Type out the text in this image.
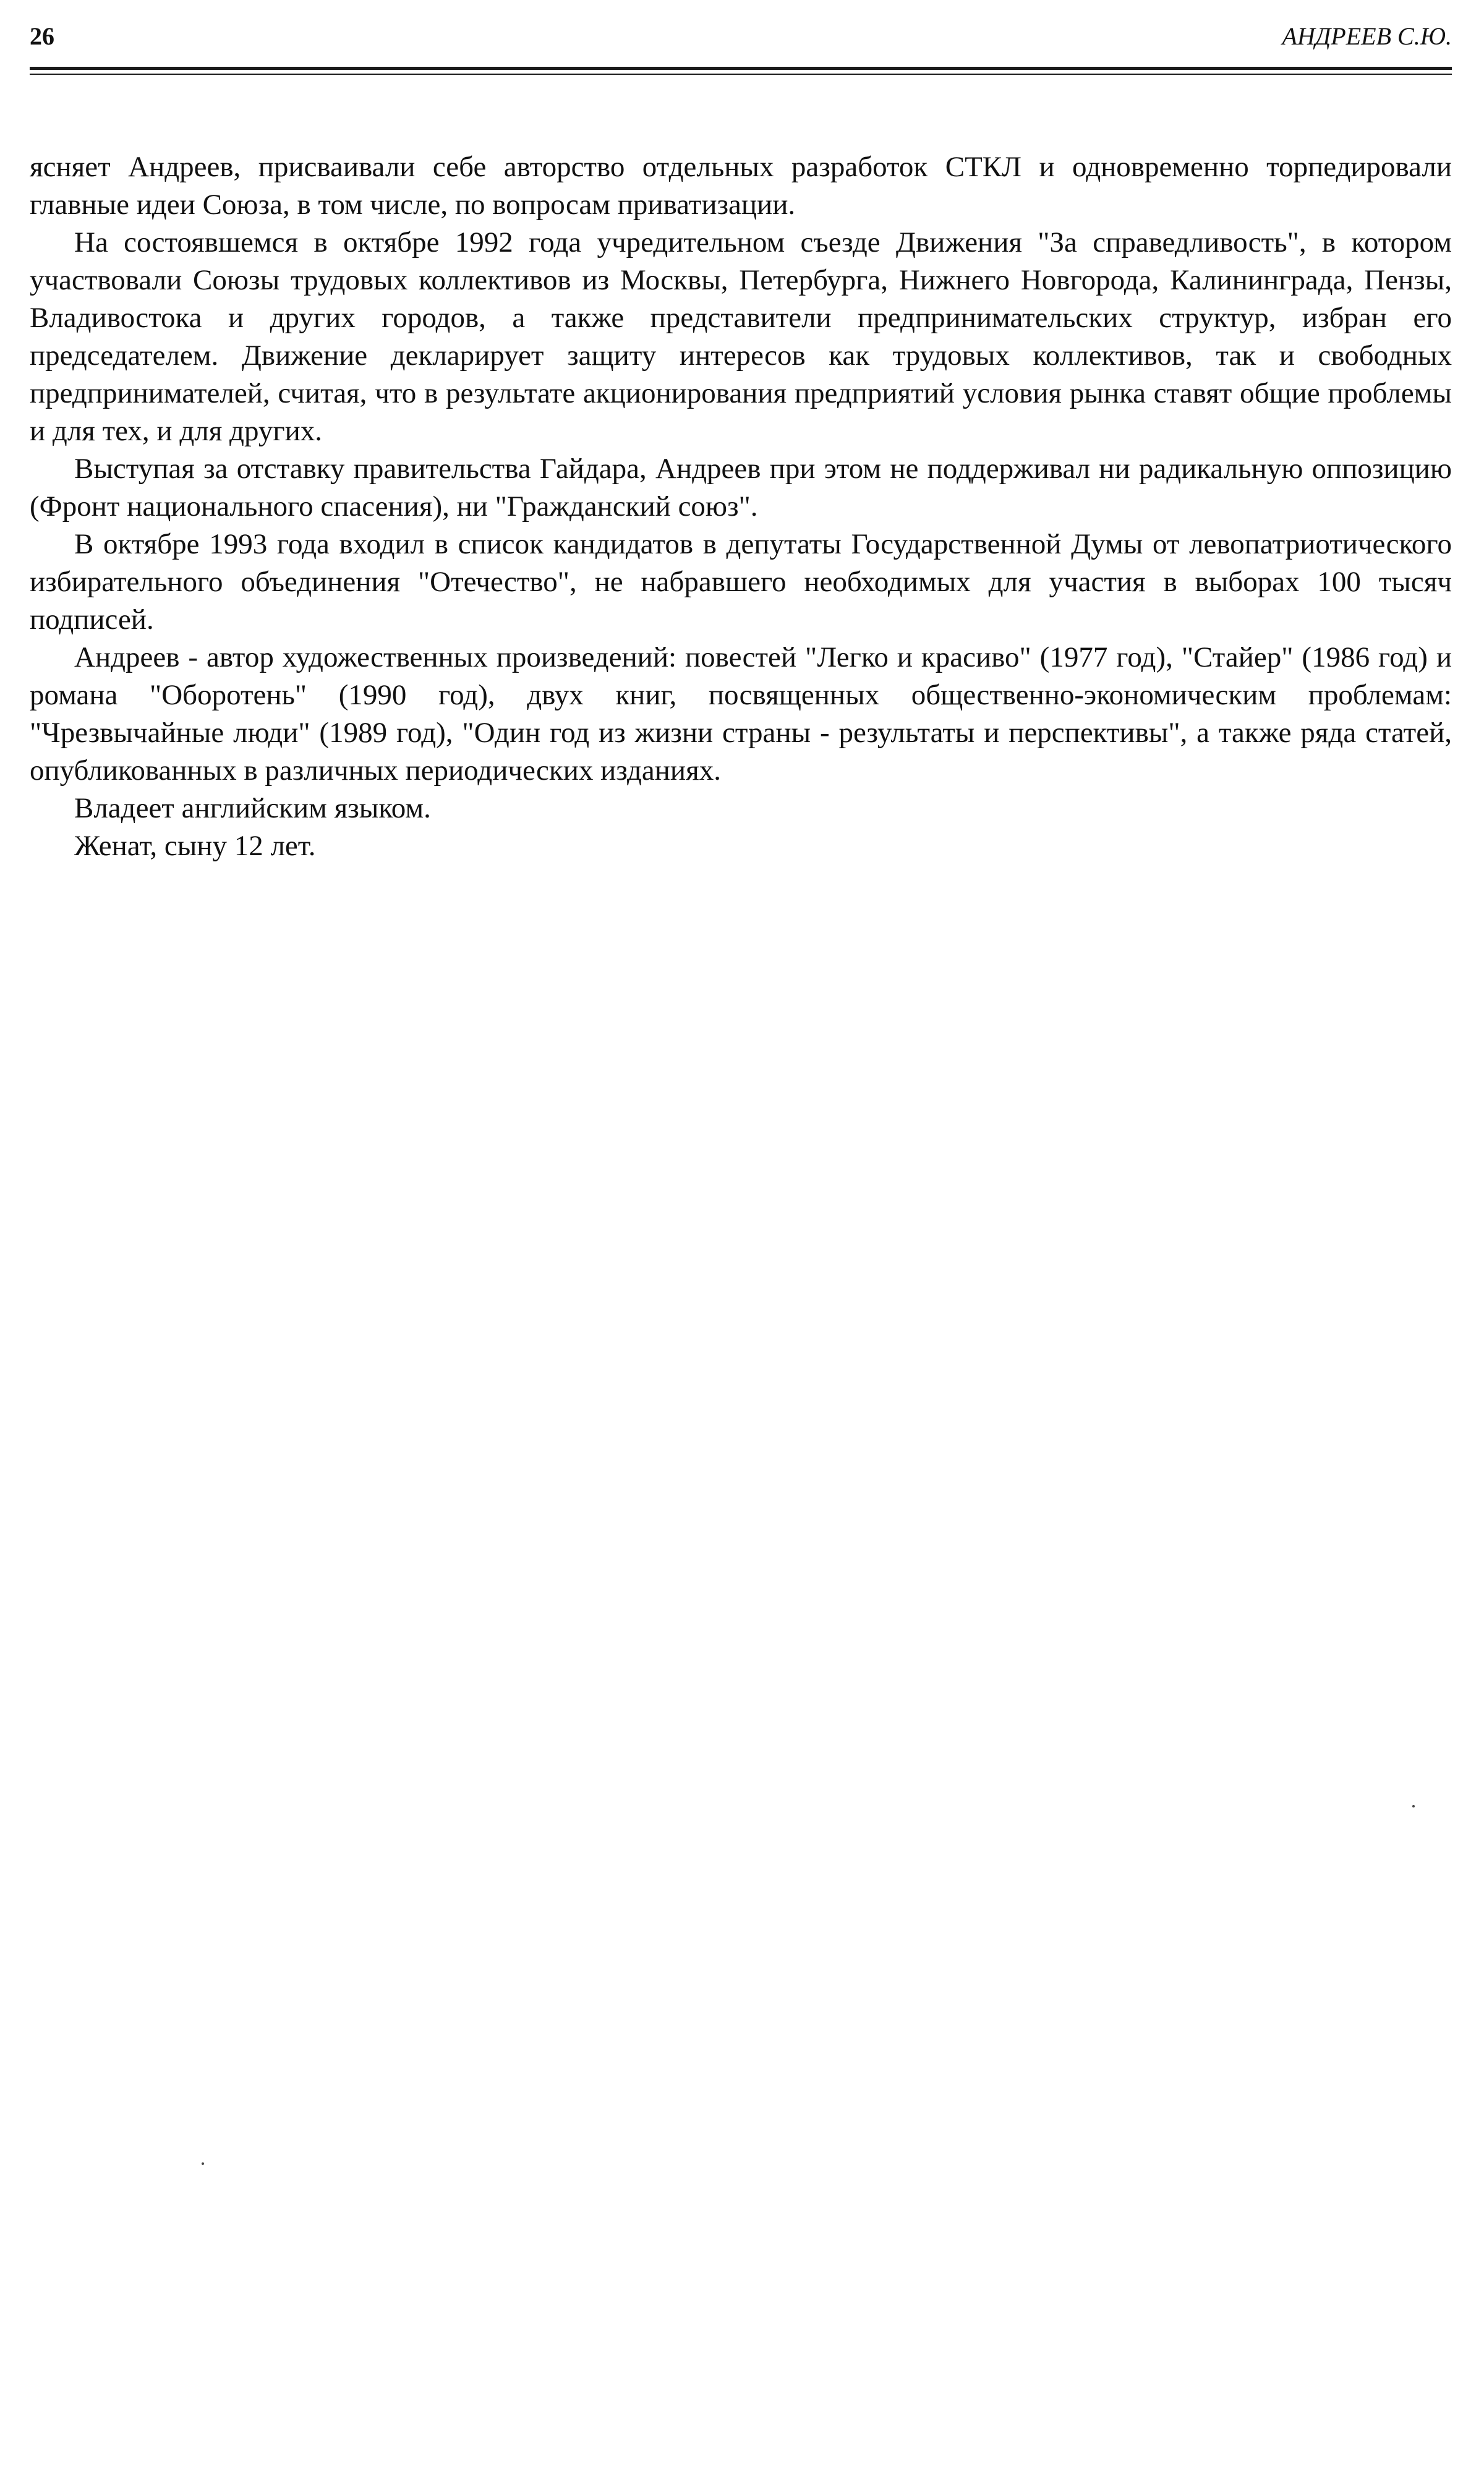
26	АНДРЕЕВ С.Ю.

ясняет Андреев, присваивали себе авторство отдельных разработок СТКЛ и одновременно торпедировали главные идеи Союза, в том числе, по вопросам приватизации.

На состоявшемся в октябре 1992 года учредительном съезде Движения "За справедливость", в котором участвовали Союзы трудовых коллективов из Москвы, Петербурга, Нижнего Новгорода, Калининграда, Пензы, Владивостока и других городов, а также представители предпринимательских структур, избран его председателем. Движение декларирует защиту интересов как трудовых коллективов, так и свободных предпринимателей, считая, что в результате акционирования предприятий условия рынка ставят общие проблемы и для тех, и для других.

Выступая за отставку правительства Гайдара, Андреев при этом не поддерживал ни радикальную оппозицию (Фронт национального спасения), ни "Гражданский союз".

В октябре 1993 года входил в список кандидатов в депутаты Государственной Думы от левопатриотического избирательного объединения "Отечество", не набравшего необходимых для участия в выборах 100 тысяч подписей.

Андреев - автор художественных произведений: повестей "Легко и красиво" (1977 год), "Стайер" (1986 год) и романа "Оборотень" (1990 год), двух книг, посвященных общественно-экономическим проблемам: "Чрезвычайные люди" (1989 год), "Один год из жизни страны - результаты и перспективы", а также ряда статей, опубликованных в различных периодических изданиях.

Владеет английским языком.

Женат, сыну 12 лет.
